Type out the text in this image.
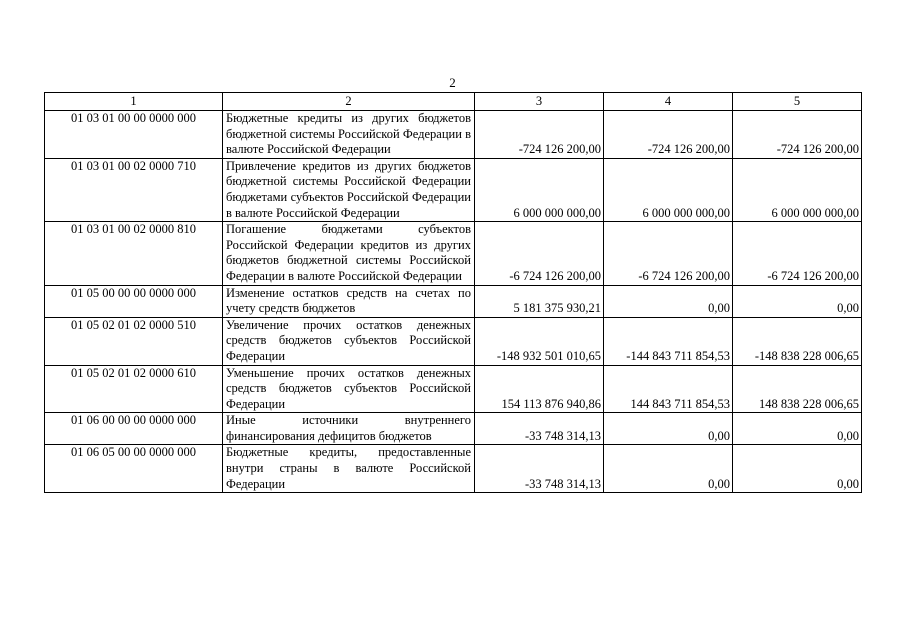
2
1	2	3	4	5
01 03 01 00 00 0000 000	Бюджетные кредиты из других бюджетов бюджетной системы Российской Федерации в валюте Российской Федерации	-724 126 200,00	-724 126 200,00	-724 126 200,00
01 03 01 00 02 0000 710	Привлечение кредитов из других бюджетов бюджетной системы Российской Федерации бюджетами субъектов Российской Федерации в валюте Российской Федерации	6 000 000 000,00	6 000 000 000,00	6 000 000 000,00
01 03 01 00 02 0000 810	Погашение бюджетами субъектов Российской Федерации кредитов из других бюджетов бюджетной системы Российской Федерации в валюте Российской Федерации	-6 724 126 200,00	-6 724 126 200,00	-6 724 126 200,00
01 05 00 00 00 0000 000	Изменение остатков средств на счетах по учету средств бюджетов	5 181 375 930,21	0,00	0,00
01 05 02 01 02 0000 510	Увеличение прочих остатков денежных средств бюджетов субъектов Российской Федерации	-148 932 501 010,65	-144 843 711 854,53	-148 838 228 006,65
01 05 02 01 02 0000 610	Уменьшение прочих остатков денежных средств бюджетов субъектов Российской Федерации	154 113 876 940,86	144 843 711 854,53	148 838 228 006,65
01 06 00 00 00 0000 000	Иные источники внутреннего финансирования дефицитов бюджетов	-33 748 314,13	0,00	0,00
01 06 05 00 00 0000 000	Бюджетные кредиты, предоставленные внутри страны в валюте Российской Федерации	-33 748 314,13	0,00	0,00
